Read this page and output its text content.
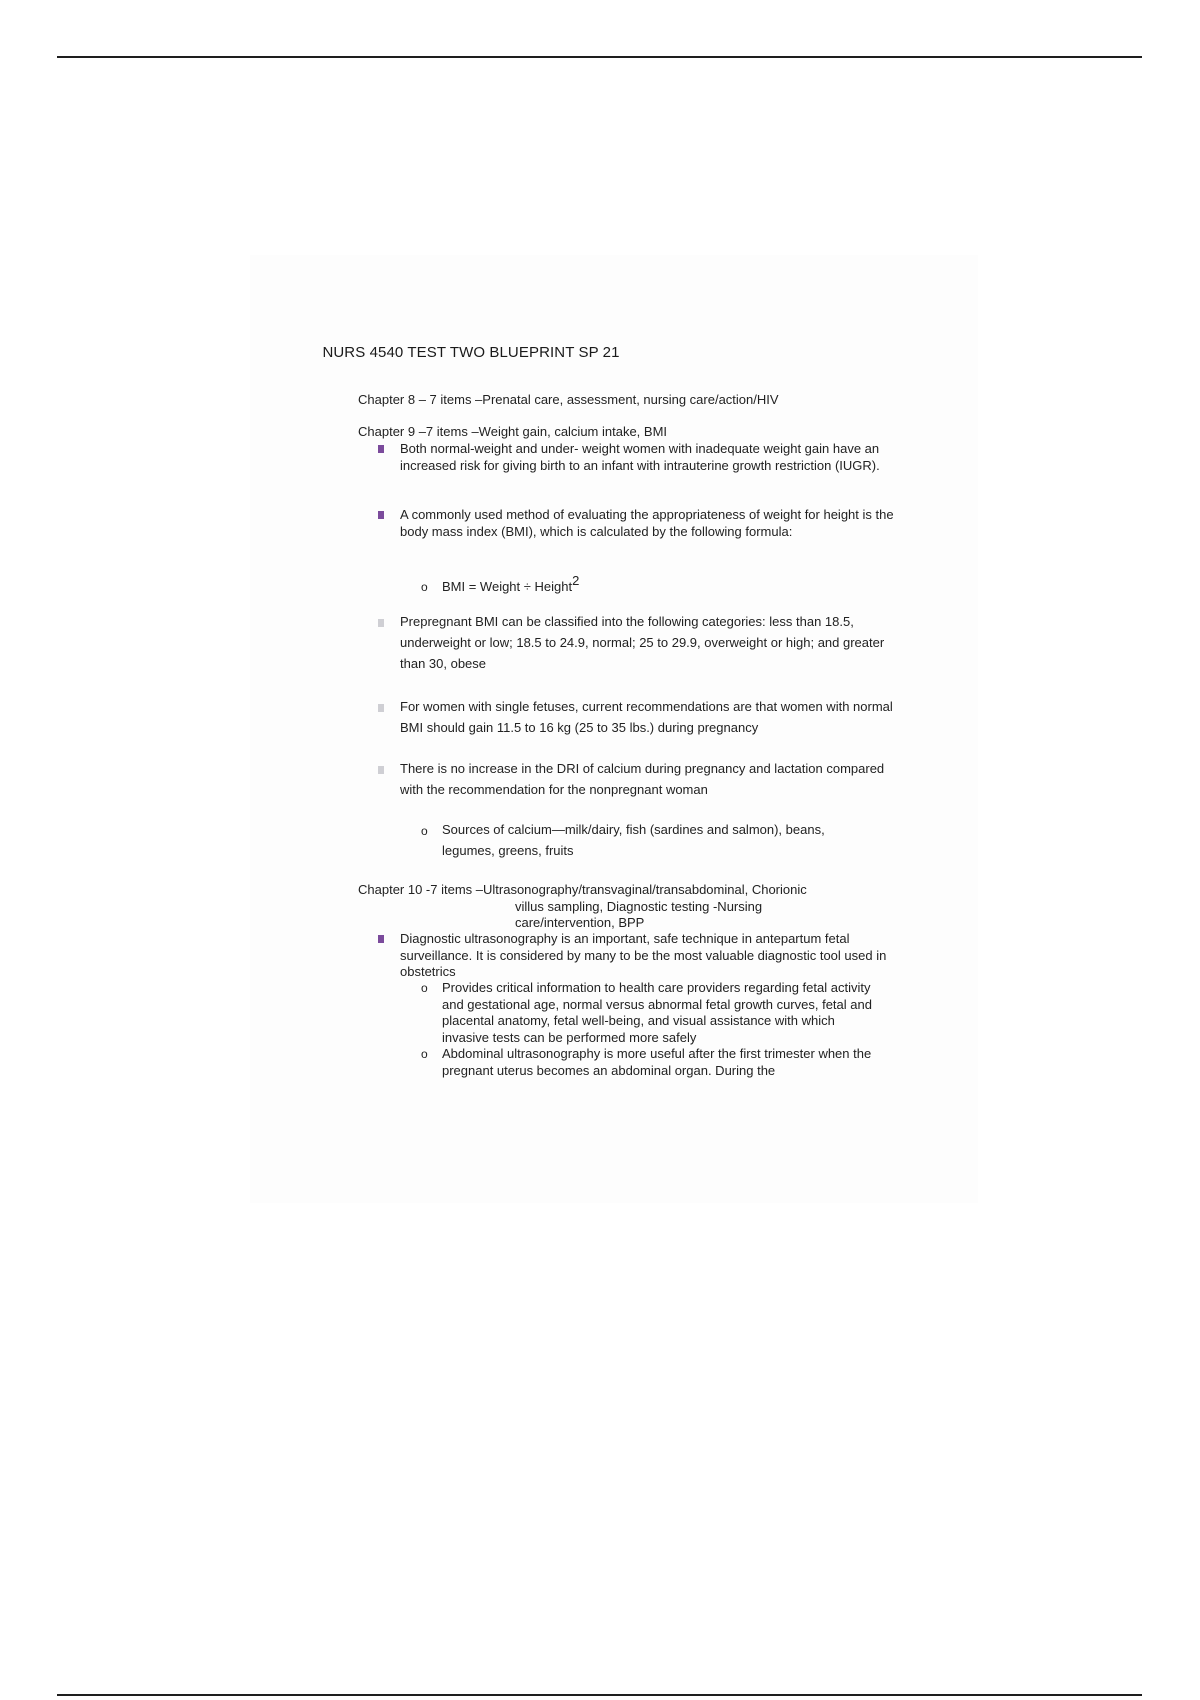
NURS 4540 TEST TWO BLUEPRINT SP 21
Chapter 8 – 7 items –Prenatal care, assessment, nursing care/action/HIV
Chapter 9 –7 items –Weight gain, calcium intake, BMI
Both normal-weight and under- weight women with inadequate weight gain have an increased risk for giving birth to an infant with intrauterine growth restriction (IUGR).
A commonly used method of evaluating the appropriateness of weight for height is the body mass index (BMI), which is calculated by the following formula:
o	BMI = Weight ÷ Height$^2$
Prepregnant BMI can be classified into the following categories: less than 18.5, underweight or low; 18.5 to 24.9, normal; 25 to 29.9, overweight or high; and greater than 30, obese
For women with single fetuses, current recommendations are that women with normal BMI should gain 11.5 to 16 kg (25 to 35 lbs.) during pregnancy
There is no increase in the DRI of calcium during pregnancy and lactation compared with the recommendation for the nonpregnant woman
o	Sources of calcium—milk/dairy, fish (sardines and salmon), beans, legumes, greens, fruits
Chapter 10 -7 items –Ultrasonography/transvaginal/transabdominal, Chorionic
villus sampling, Diagnostic testing -Nursing
care/intervention, BPP
Diagnostic ultrasonography is an important, safe technique in antepartum fetal surveillance. It is considered by many to be the most valuable diagnostic tool used in obstetrics
o	Provides critical information to health care providers regarding fetal activity and gestational age, normal versus abnormal fetal growth curves, fetal and placental anatomy, fetal well-being, and visual assistance with which invasive tests can be performed more safely
o	Abdominal ultrasonography is more useful after the first trimester when the pregnant uterus becomes an abdominal organ. During the
